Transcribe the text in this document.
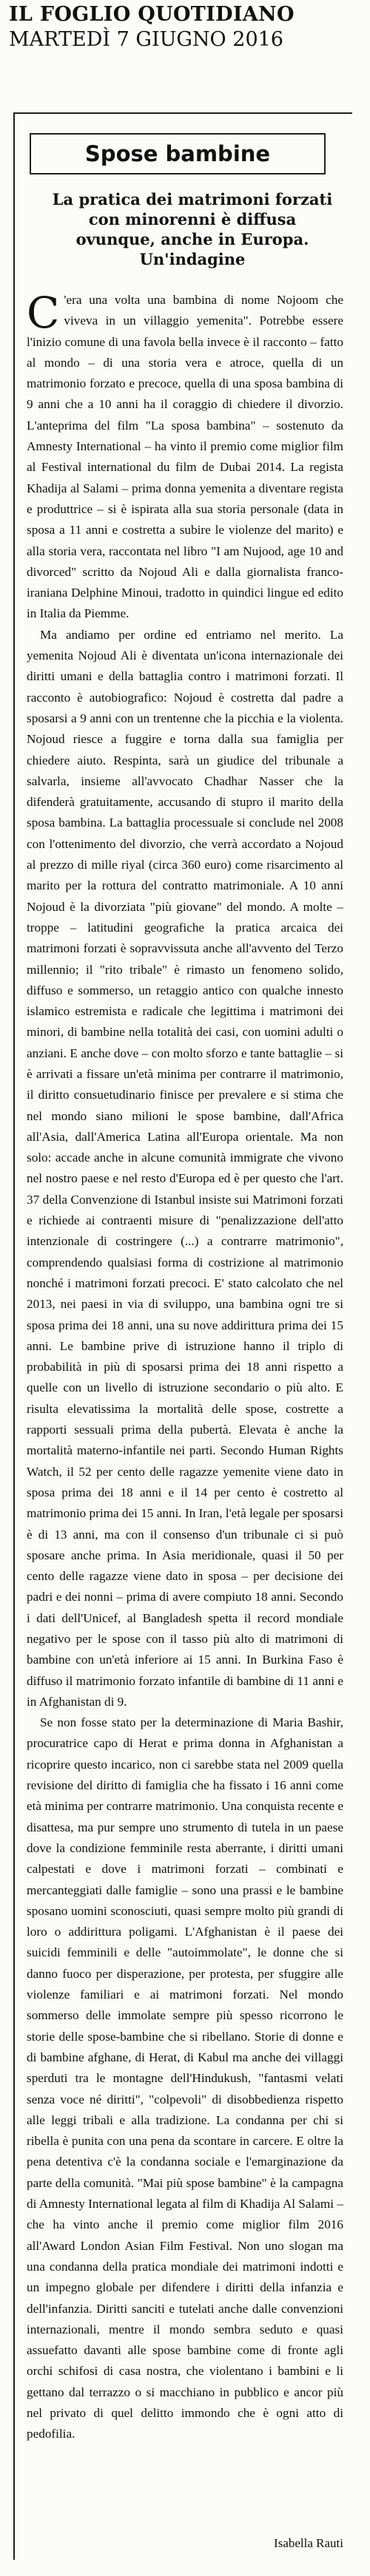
IL FOGLIO QUOTIDIANO
MARTEDÌ 7 GIUGNO 2016
Spose bambine
La pratica dei matrimoni forzati con minorenni è diffusa ovunque, anche in Europa. Un'indagine

C 'era una volta una bambina di nome Nojoom che viveva in un villaggio yemenita". Potrebbe essere l'inizio comune di una favola bella invece è il racconto – fatto al mondo – di una storia vera e atroce, quella di un matrimonio forzato e precoce, quella di una sposa bambina di 9 anni che a 10 anni ha il coraggio di chiedere il divorzio. L'anteprima del film "La sposa bambina" – sostenuto da Amnesty International – ha vinto il premio come miglior film al Festival international du film de Dubai 2014. La regista Khadija al Salami – prima donna yemenita a diventare regista e produttrice – si è ispirata alla sua storia personale (data in sposa a 11 anni e costretta a subire le violenze del marito) e alla storia vera, raccontata nel libro "I am Nujood, age 10 and divorced" scritto da Nojoud Ali e dalla giornalista franco-iraniana Delphine Minoui, tradotto in quindici lingue ed edito in Italia da Piemme.

Ma andiamo per ordine ed entriamo nel merito. La yemenita Nojoud Ali è diventata un'icona internazionale dei diritti umani e della battaglia contro i matrimoni forzati. Il racconto è autobiografico: Nojoud è costretta dal padre a sposarsi a 9 anni con un trentenne che la picchia e la violenta. Nojoud riesce a fuggire e torna dalla sua famiglia per chiedere aiuto. Respinta, sarà un giudice del tribunale a salvarla, insieme all'avvocato Chadhar Nasser che la difenderà gratuitamente, accusando di stupro il marito della sposa bambina. La battaglia processuale si conclude nel 2008 con l'ottenimento del divorzio, che verrà accordato a Nojoud al prezzo di mille riyal (circa 360 euro) come risarcimento al marito per la rottura del contratto matrimoniale. A 10 anni Nojoud è la divorziata "più giovane" del mondo. A molte – troppe – latitudini geografiche la pratica arcaica dei matrimoni forzati è sopravvissuta anche all'avvento del Terzo millennio; il "rito tribale" è rimasto un fenomeno solido, diffuso e sommerso, un retaggio antico con qualche innesto islamico estremista e radicale che legittima i matrimoni dei minori, di bambine nella totalità dei casi, con uomini adulti o anziani. E anche dove – con molto sforzo e tante battaglie – si è arrivati a fissare un'età minima per contrarre il matrimonio, il diritto consuetudinario finisce per prevalere e si stima che nel mondo siano milioni le spose bambine, dall'Africa all'Asia, dall'America Latina all'Europa orientale. Ma non solo: accade anche in alcune comunità immigrate che vivono nel nostro paese e nel resto d'Europa ed è per questo che l'art. 37 della Convenzione di Istanbul insiste sui Matrimoni forzati e richiede ai contraenti misure di "penalizzazione dell'atto intenzionale di costringere (...) a contrarre matrimonio", comprendendo qualsiasi forma di costrizione al matrimonio nonché i matrimoni forzati precoci. E' stato calcolato che nel 2013, nei paesi in via di sviluppo, una bambina ogni tre si sposa prima dei 18 anni, una su nove addirittura prima dei 15 anni. Le bambine prive di istruzione hanno il triplo di probabilità in più di sposarsi prima dei 18 anni rispetto a quelle con un livello di istruzione secondario o più alto. E risulta elevatissima la mortalità delle spose, costrette a rapporti sessuali prima della pubertà. Elevata è anche la mortalità materno-infantile nei parti. Secondo Human Rights Watch, il 52 per cento delle ragazze yemenite viene dato in sposa prima dei 18 anni e il 14 per cento è costretto al matrimonio prima dei 15 anni. In Iran, l'età legale per sposarsi è di 13 anni, ma con il consenso d'un tribunale ci si può sposare anche prima. In Asia meridionale, quasi il 50 per cento delle ragazze viene dato in sposa – per decisione dei padri e dei nonni – prima di avere compiuto 18 anni. Secondo i dati dell'Unicef, al Bangladesh spetta il record mondiale negativo per le spose con il tasso più alto di matrimoni di bambine con un'età inferiore ai 15 anni. In Burkina Faso è diffuso il matrimonio forzato infantile di bambine di 11 anni e in Afghanistan di 9.

Se non fosse stato per la determinazione di Maria Bashir, procuratrice capo di Herat e prima donna in Afghanistan a ricoprire questo incarico, non ci sarebbe stata nel 2009 quella revisione del diritto di famiglia che ha fissato i 16 anni come età minima per contrarre matrimonio. Una conquista recente e disattesa, ma pur sempre uno strumento di tutela in un paese dove la condizione femminile resta aberrante, i diritti umani calpestati e dove i matrimoni forzati – combinati e mercanteggiati dalle famiglie – sono una prassi e le bambine sposano uomini sconosciuti, quasi sempre molto più grandi di loro o addirittura poligami. L'Afghanistan è il paese dei suicidi femminili e delle "autoimmolate", le donne che si danno fuoco per disperazione, per protesta, per sfuggire alle violenze familiari e ai matrimoni forzati. Nel mondo sommerso delle immolate sempre più spesso ricorrono le storie delle spose-bambine che si ribellano. Storie di donne e di bambine afghane, di Herat, di Kabul ma anche dei villaggi sperduti tra le montagne dell'Hindukush, "fantasmi velati senza voce né diritti", "colpevoli" di disobbedienza rispetto alle leggi tribali e alla tradizione. La condanna per chi si ribella è punita con una pena da scontare in carcere. E oltre la pena detentiva c'è la condanna sociale e l'emarginazione da parte della comunità. "Mai più spose bambine" è la campagna di Amnesty International legata al film di Khadija Al Salami – che ha vinto anche il premio come miglior film 2016 all'Award London Asian Film Festival. Non uno slogan ma una condanna della pratica mondiale dei matrimoni indotti e un impegno globale per difendere i diritti della infanzia e dell'infanzia. Diritti sanciti e tutelati anche dalle convenzioni internazionali, mentre il mondo sembra seduto e quasi assuefatto davanti alle spose bambine come di fronte agli orchi schifosi di casa nostra, che violentano i bambini e li gettano dal terrazzo o si macchiano in pubblico e ancor più nel privato di quel delitto immondo che è ogni atto di pedofilia.

Isabella Rauti
